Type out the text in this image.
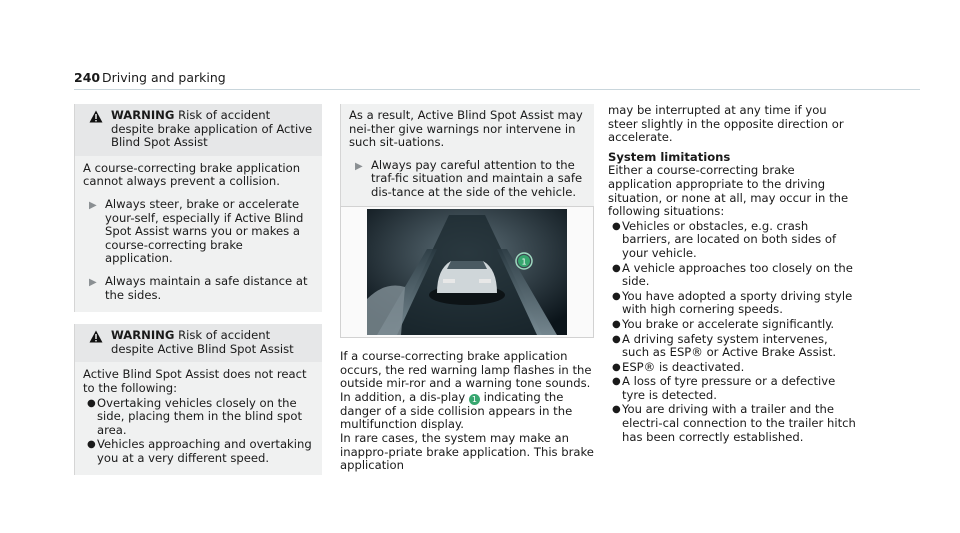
240 Driving and parking
WARNING Risk of accident despite brake application of Active Blind Spot Assist
A course-correcting brake application cannot always prevent a collision.
▶ Always steer, brake or accelerate your-self, especially if Active Blind Spot Assist warns you or makes a course-correcting brake application.
▶ Always maintain a safe distance at the sides.
WARNING Risk of accident despite Active Blind Spot Assist
Active Blind Spot Assist does not react to the following:
● Overtaking vehicles closely on the side, placing them in the blind spot area.
● Vehicles approaching and overtaking you at a very different speed.
As a result, Active Blind Spot Assist may nei-ther give warnings nor intervene in such sit-uations.
▶ Always pay careful attention to the traf-fic situation and maintain a safe dis-tance at the side of the vehicle.
1
If a course-correcting brake application occurs, the red warning lamp flashes in the outside mir-ror and a warning tone sounds. In addition, a dis-play 1 indicating the danger of a side collision appears in the multifunction display.
In rare cases, the system may make an inappro-priate brake application. This brake application
may be interrupted at any time if you steer slightly in the opposite direction or accelerate.
System limitations
Either a course-correcting brake application appropriate to the driving situation, or none at all, may occur in the following situations:
● Vehicles or obstacles, e.g. crash barriers, are located on both sides of your vehicle.
● A vehicle approaches too closely on the side.
● You have adopted a sporty driving style with high cornering speeds.
● You brake or accelerate significantly.
● A driving safety system intervenes, such as ESP® or Active Brake Assist.
● ESP® is deactivated.
● A loss of tyre pressure or a defective tyre is detected.
● You are driving with a trailer and the electri-cal connection to the trailer hitch has been correctly established.
